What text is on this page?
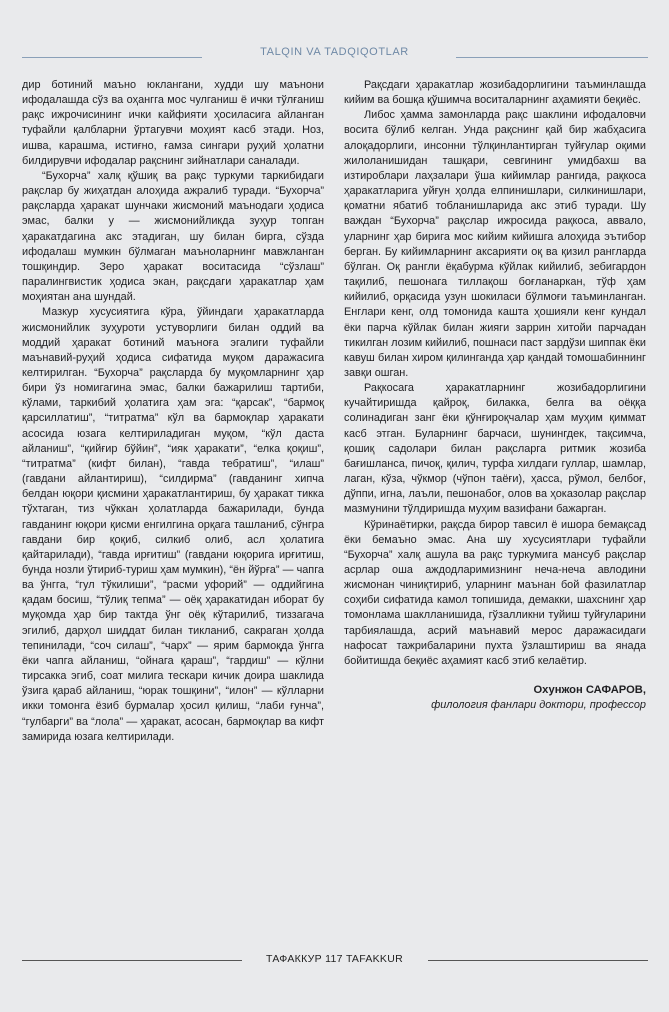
TALQIN VA TADQIQOTLAR

дир ботиний маъно юклангани, худди шу маънони ифодалашда сўз ва оҳангга мос чулганиш ё ички тўлғаниш рақс ижрочисининг ички кайфияти ҳосиласига айланган туфайли қалбларни ўртагувчи моҳият касб этади. Ноз, ишва, карашма, истиғно, ғамза сингари руҳий ҳолатни билдирувчи ифодалар рақснинг зийнатлари саналади.

“Бухорча” халқ қўшиқ ва рақс туркуми таркибидаги рақслар бу жиҳатдан алоҳида ажралиб туради. “Бухорча” рақсларда ҳаракат шунчаки жисмоний маънодаги ҳодиса эмас, балки у — жисмонийликда зуҳур топган ҳаракатдагина акс этадиган, шу билан бирга, сўзда ифодалаш мумкин бўлмаган маъноларнинг мавжланган тошқиндир. Зеро ҳаракат воситасида “сўзлаш” паралингвистик ҳодиса экан, рақсдаги ҳаракатлар ҳам моҳиятан ана шундай.

Мазкур хусусиятига кўра, ўйиндаги ҳаракатларда жисмонийлик зуҳуроти устуворлиги билан оддий ва моддий ҳаракат ботиний маъноға эгалиги туфайли маънавий-руҳий ҳодиса сифатида муқом даражасига келтирилган. “Бухорча” рақсларда бу муқомларнинг ҳар бири ўз номигагина эмас, балки бажарилиш тартиби, кўлами, таркибий ҳолатига ҳам эга: “қарсак”, “бармоқ қарсиллатиш”, “титратма” кўл ва бармоқлар ҳаракати асосида юзага келтириладиган муқом, “кўл даста айланиш”, “қийғир бўйин”, “ияк ҳаракати”, “елка қоқиш”, “титратма” (кифт билан), “гавда тебратиш”, “илаш” (гавдани айлантириш), “силдирма” (гавданинг хипча белдан юқори қисмини ҳаракатлантириш, бу ҳаракат тикка тўхтаган, тиз чўккан ҳолатларда бажарилади, бунда гавданинг юқори қисми енгилгина орқага ташланиб, сўнгра гавдани бир қоқиб, силкиб олиб, асл ҳолатига қайтарилади), “гавда ирғитиш” (гавдани юқорига ирғитиш, бунда нозли ўтириб-туриш ҳам мумкин), “ён йўрға” — чапга ва ўнгга, “гул тўкилиши”, “расми уфорий” — оддийгина қадам босиш, “тўлиқ тепма” — оёқ ҳаракатидан иборат бу муқомда ҳар бир тактда ўнг оёқ кўтарилиб, тиззагача эгилиб, дарҳол шиддат билан тикланиб, сакраган ҳолда тепинилади, “соч силаш”, “чарх” — ярим бармоқда ўнгга ёки чапга айланиш, “ойнага қараш”, “гардиш” — кўлни тирсакка эгиб, соат милига тескари кичик доира шаклида ўзига қараб айланиш, “юрак тошқини”, “илон” — кўлларни икки томонга ёзиб бурмалар ҳосил қилиш, “лаби ғунча”, “гулбарги” ва “лола” — ҳаракат, асосан, бармоқлар ва кифт замирида юзага келтирилади.

Рақсдаги ҳаракатлар жозибадорлигини таъминлашда кийим ва бошқа қўшимча воситаларнинг аҳамияти беқиёс.

Либос ҳамма замонларда рақс шаклини ифодаловчи восита бўлиб келган. Унда рақснинг қай бир жабҳасига алоқадорлиги, инсонни тўлқинлантирган туйғулар оқими жилоланишидан ташқари, севгининг умидбахш ва изтироблари лаҳзалари ўша кийимлар рангида, рақкоса ҳаракатларига уйғун ҳолда елпинишлари, силкинишлари, қоматни ябатиб тобланишларида акс этиб туради. Шу важдан “Бухорча” рақслар ижросида рақкоса, аввало, уларнинг ҳар бирига мос кийим кийишга алоҳида эътибор берган. Бу кийимларнинг аксарияти оқ ва қизил рангларда бўлган. Оқ рангли ёқабурма кўйлак кийилиб, зебигардон тақилиб, пешонага тиллақош боғланаркан, тўф ҳам кийилиб, орқасида узун шокиласи бўлмоғи таъминланган. Енглари кенг, олд томонида кашта ҳошияли кенг кундал ёки парча кўйлак билан жияги заррин хитойи парчадан тикилган лозим кийилиб, пошнаси паст зардўзи шиппак ёки кавуш билан хиром қилинганда ҳар қандай томошабиннинг завқи ошган.

Рақкосага ҳаракатларнинг жозибадорлигини кучайтиришда қайроқ, билакка, белга ва оёққа солинадиган занг ёки қўнғироқчалар ҳам муҳим қиммат касб этган. Буларнинг барчаси, шунингдек, тақсимча, қошиқ садолари билан рақсларга ритмик жозиба бағишланса, пичоқ, қилич, турфа хилдаги гуллар, шамлар, лаган, кўза, чўкмор (чўпон таёғи), ҳасса, рўмол, белбоғ, дўппи, игна, лаъли, пешонабоғ, олов ва ҳоказолар рақслар мазмунини тўлдиришда муҳим вазифани бажарган.

Кўринаётирки, рақсда бирор тавсил ё ишора бемақсад ёки бемаъно эмас. Ана шу хусусиятлари туфайли “Бухорча” халқ ашула ва рақс туркумига мансуб рақслар асрлар оша аждодларимизнинг неча-неча авлодини жисмонан чиниқтириб, уларнинг маънан бой фазилатлар соҳиби сифатида камол топишида, демакки, шахснинг ҳар томонлама шаклланишида, гўзалликни туйиш туйғуларини тарбиялашда, асрий маънавий мерос даражасидаги нафосат тажрибаларини пухта ўзлаштириш ва янада бойитишда беқиёс аҳамият касб этиб келаётир.

Охунжон САФАРОВ,
филология фанлари доктори, профессор
ТАФАККУР 117 TAFAKKUR
